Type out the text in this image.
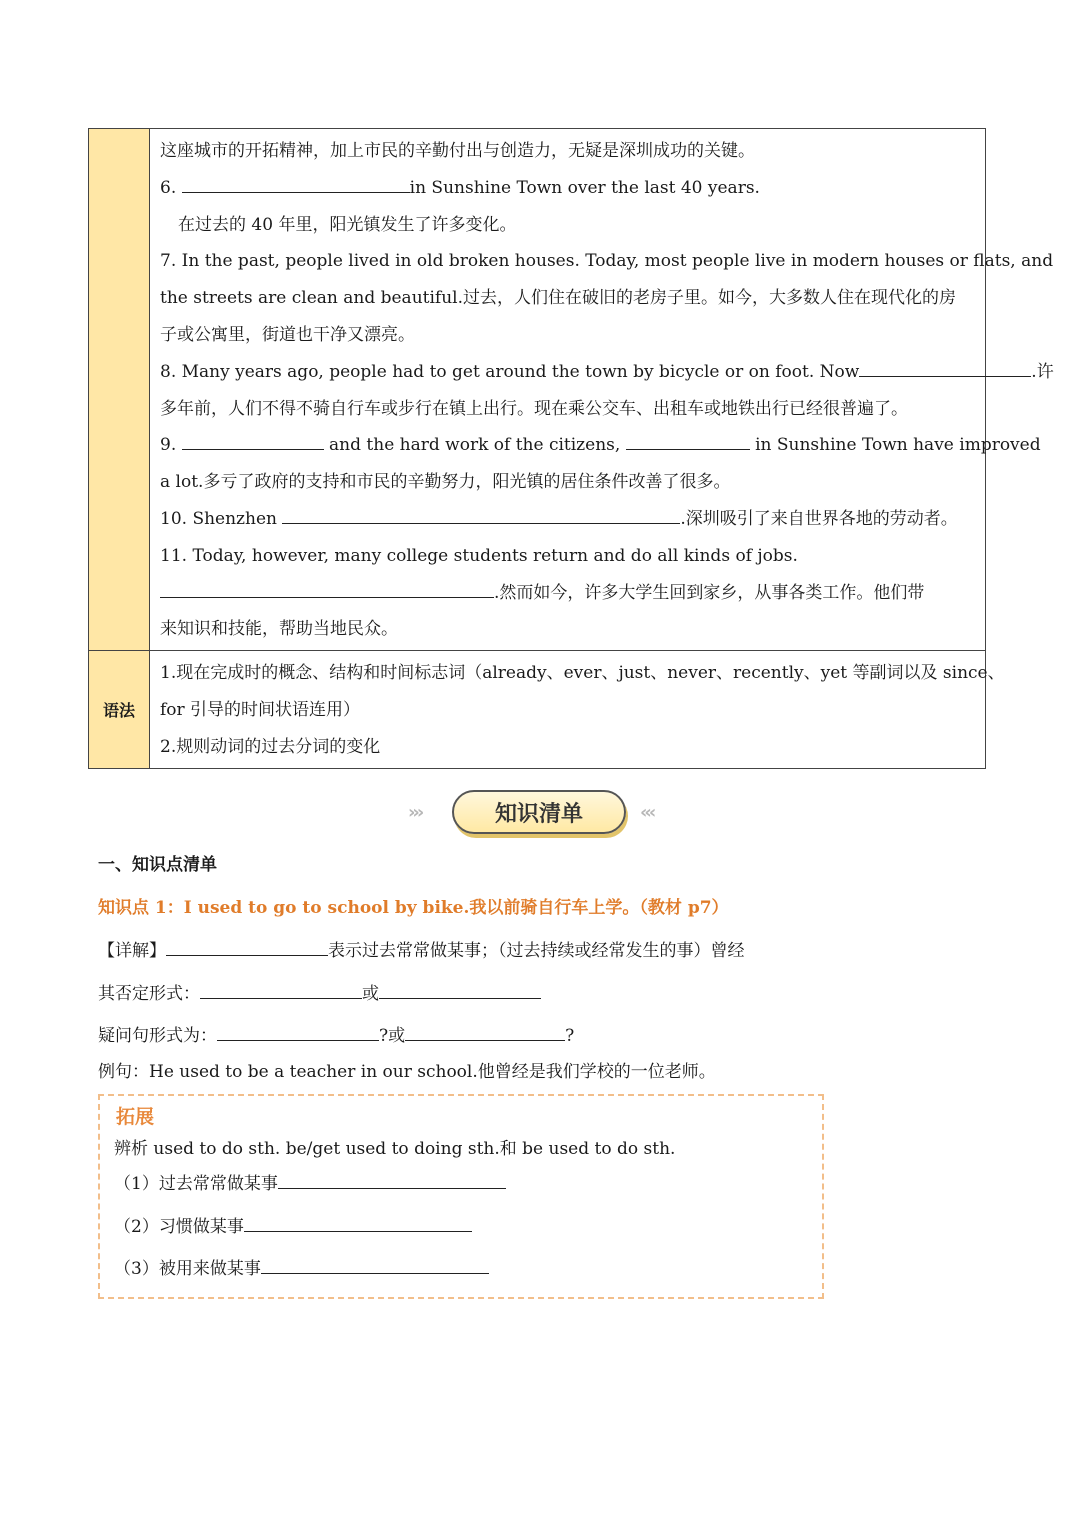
这座城市的开拓精神，加上市民的辛勤付出与创造力，无疑是深圳成功的关键。
6.	in Sunshine Town over the last 40 years.
在过去的 40 年里，阳光镇发生了许多变化。
7. In the past, people lived in old broken houses. Today, most people live in modern houses or flats, and
the streets are clean and beautiful.过去，人们住在破旧的老房子里。如今，大多数人住在现代化的房
子或公寓里，街道也干净又漂亮。
8. Many years ago, people had to get around the town by bicycle or on foot. Now	.许
多年前，人们不得不骑自行车或步行在镇上出行。现在乘公交车、出租车或地铁出行已经很普遍了。
9.	and the hard work of the citizens,	in Sunshine Town have improved
a lot.多亏了政府的支持和市民的辛勤努力，阳光镇的居住条件改善了很多。
10. Shenzhen	.深圳吸引了来自世界各地的劳动者。
11. Today, however, many college students return and do all kinds of jobs.
.然而如今，许多大学生回到家乡，从事各类工作。他们带
来知识和技能，帮助当地民众。
语法
1.现在完成时的概念、结构和时间标志词（already、ever、just、never、recently、yet 等副词以及 since、
for 引导的时间状语连用）
2.规则动词的过去分词的变化
›››	知识清单	‹‹‹
一、知识点清单
知识点 1：I used to go to school by bike.我以前骑自行车上学。（教材 p7）
【详解】	表示过去常常做某事；（过去持续或经常发生的事）曾经
其否定形式：	或
疑问句形式为：	?或	?
例句：He used to be a teacher in our school.他曾经是我们学校的一位老师。
拓展
辨析 used to do sth. be/get used to doing sth.和 be used to do sth.
（1）过去常常做某事
（2）习惯做某事
（3）被用来做某事
